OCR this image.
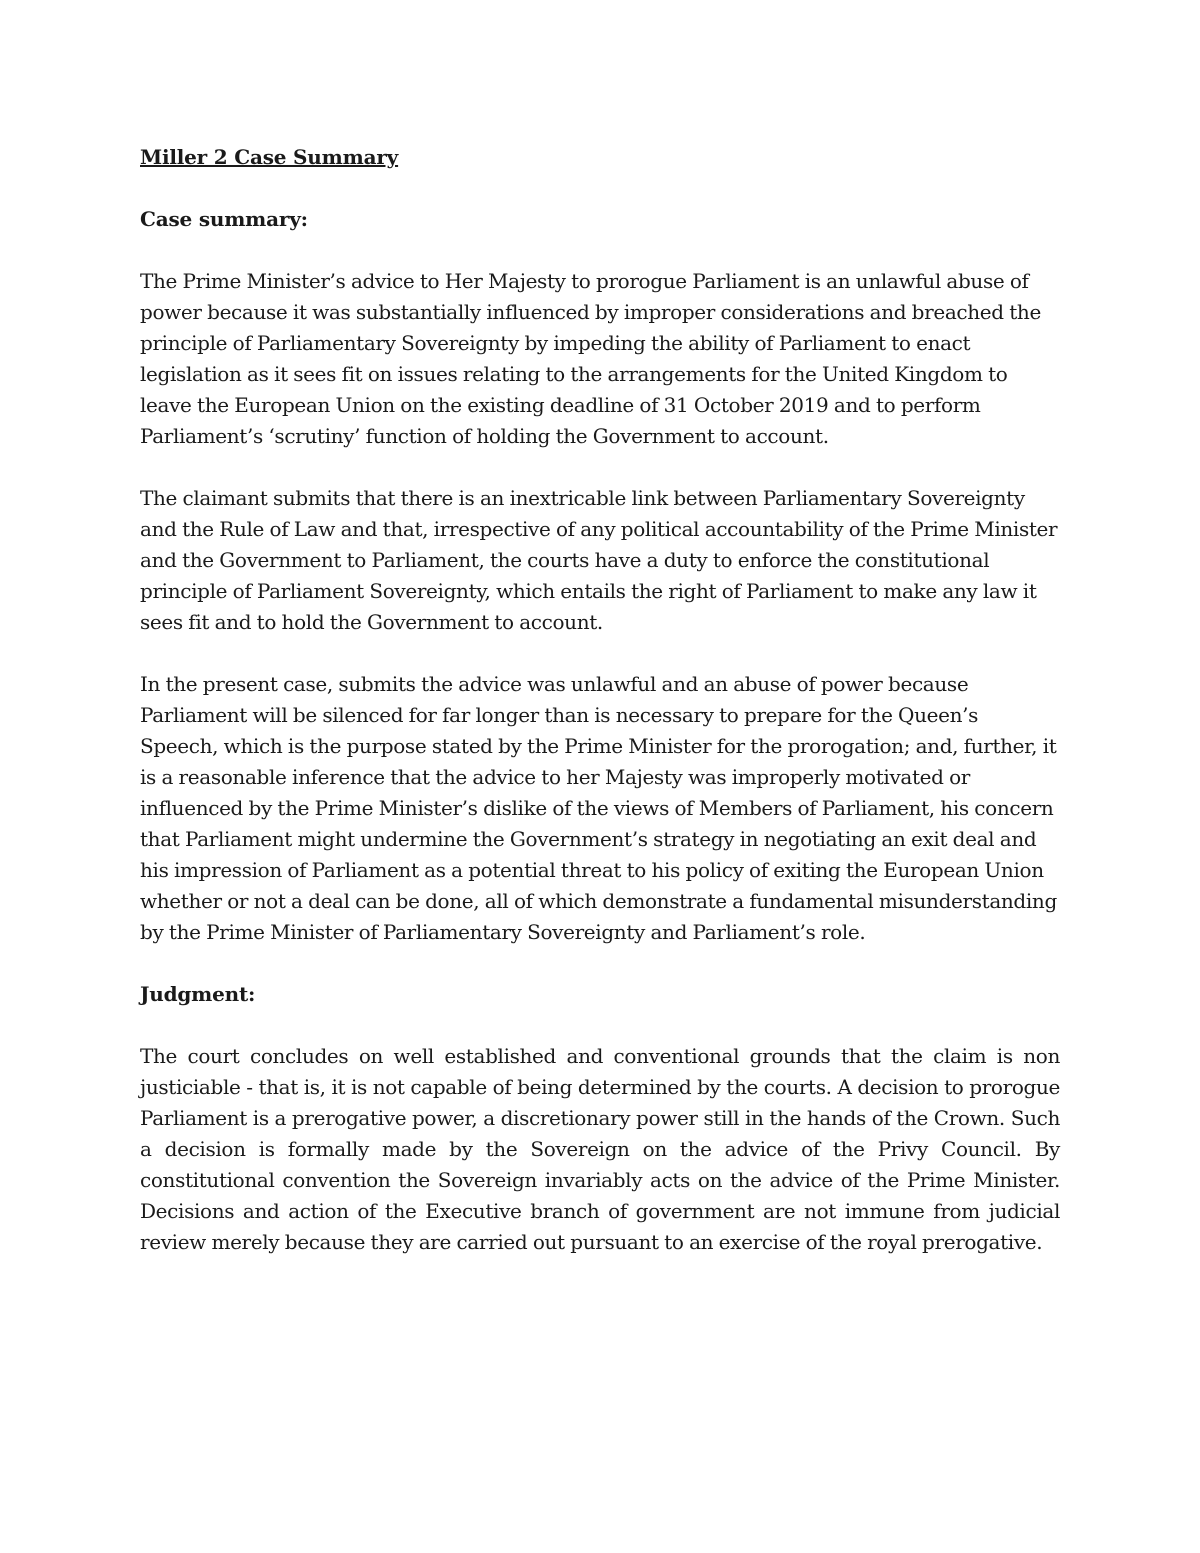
Miller 2 Case Summary
Case summary:

The Prime Minister’s advice to Her Majesty to prorogue Parliament is an unlawful abuse of power because it was substantially influenced by improper considerations and breached the principle of Parliamentary Sovereignty by impeding the ability of Parliament to enact legislation as it sees fit on issues relating to the arrangements for the United Kingdom to leave the European Union on the existing deadline of 31 October 2019 and to perform Parliament’s ‘scrutiny’ function of holding the Government to account.

The claimant submits that there is an inextricable link between Parliamentary Sovereignty and the Rule of Law and that, irrespective of any political accountability of the Prime Minister and the Government to Parliament, the courts have a duty to enforce the constitutional principle of Parliament Sovereignty, which entails the right of Parliament to make any law it sees fit and to hold the Government to account.

In the present case, submits the advice was unlawful and an abuse of power because Parliament will be silenced for far longer than is necessary to prepare for the Queen’s Speech, which is the purpose stated by the Prime Minister for the prorogation; and, further, it is a reasonable inference that the advice to her Majesty was improperly motivated or influenced by the Prime Minister’s dislike of the views of Members of Parliament, his concern that Parliament might undermine the Government’s strategy in negotiating an exit deal and his impression of Parliament as a potential threat to his policy of exiting the European Union whether or not a deal can be done, all of which demonstrate a fundamental misunderstanding by the Prime Minister of Parliamentary Sovereignty and Parliament’s role.

Judgment:

The court concludes on well established and conventional grounds that the claim is non justiciable - that is, it is not capable of being determined by the courts. A decision to prorogue Parliament is a prerogative power, a discretionary power still in the hands of the Crown. Such a decision is formally made by the Sovereign on the advice of the Privy Council. By constitutional convention the Sovereign invariably acts on the advice of the Prime Minister. Decisions and action of the Executive branch of government are not immune from judicial review merely because they are carried out pursuant to an exercise of the royal prerogative.
